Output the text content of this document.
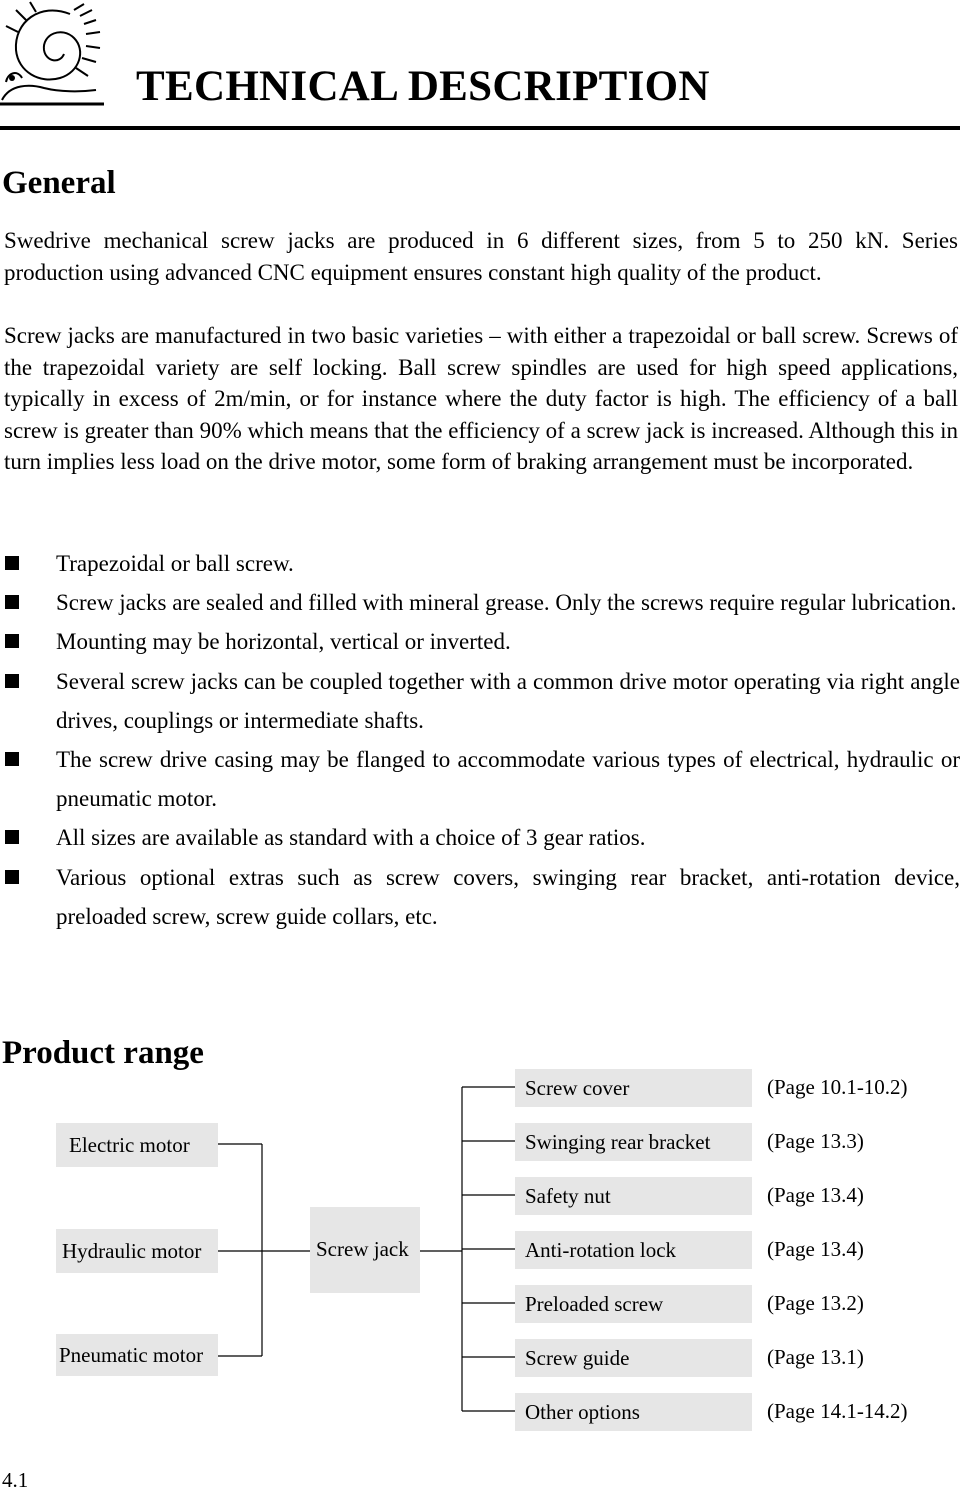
TECHNICAL DESCRIPTION
General

Swedrive mechanical screw jacks are produced in 6 different sizes, from 5 to 250 kN. Series production using advanced CNC equipment ensures constant high quality of the product.

Screw jacks are manufactured in two basic varieties – with either a trapezoidal or ball screw. Screws of the trapezoidal variety are self locking. Ball screw spindles are used for high speed applications, typically in excess of 2m/min, or for instance where the duty factor is high. The efficiency of a ball screw is greater than 90% which means that the efficiency of a screw jack is increased. Although this in turn implies less load on the drive motor, some form of braking arrangement must be incorporated.

Trapezoidal or ball screw.
Screw jacks are sealed and filled with mineral grease. Only the screws require regular lubrication.
Mounting may be horizontal, vertical or inverted.
Several screw jacks can be coupled together with a common drive motor operating via right angle drives, couplings or intermediate shafts.
The screw drive casing may be flanged to accommodate various types of electrical, hydraulic or pneumatic motor.
All sizes are available as standard with a choice of 3 gear ratios.
Various optional extras such as screw covers, swinging rear bracket, anti-rotation device, preloaded screw, screw guide collars, etc.
Product range
Electric motor
Hydraulic motor
Pneumatic motor
Screw jack
Screw cover
Swinging rear bracket
Safety nut
Anti-rotation lock
Preloaded screw
Screw guide
Other options
(Page 10.1-10.2)
(Page 13.3)
(Page 13.4)
(Page 13.4)
(Page 13.2)
(Page 13.1)
(Page 14.1-14.2)
4.1
